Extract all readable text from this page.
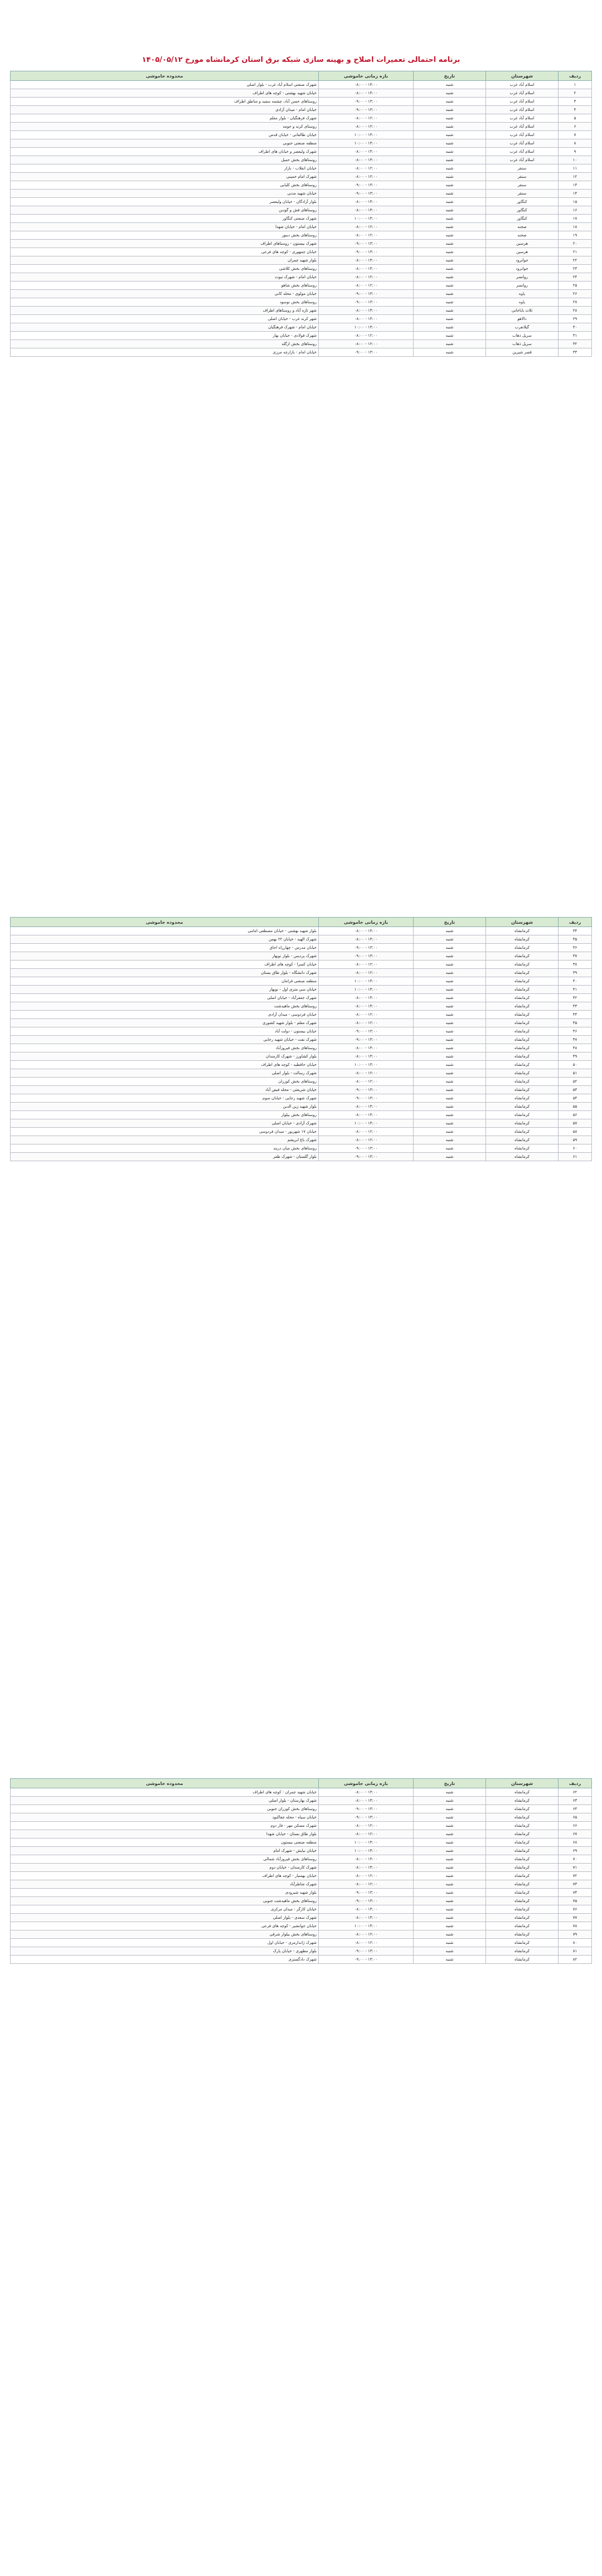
برنامه احتمالی تعمیرات اصلاح و بهینه سازی شبکه برق استان کرمانشاه مورخ ۱۴۰۵/۰۵/۱۲
ردیف	شهرستان	تاریخ	بازه زمانی خاموشی	محدوده خاموشی
۱	اسلام آباد غرب	شنبه	۰۸:۰۰ - ۱۴:۰۰	شهرک صنعتی اسلام آباد غرب - بلوار اصلی
۲	اسلام آباد غرب	شنبه	۰۸:۰۰ - ۱۴:۰۰	خیابان شهید بهشتی - کوچه های اطراف
۳	اسلام آباد غرب	شنبه	۰۹:۰۰ - ۱۳:۰۰	روستاهای حسن آباد، چشمه سفید و مناطق اطراف
۴	اسلام آباد غرب	شنبه	۰۹:۰۰ - ۱۳:۰۰	خیابان امام - میدان آزادی
۵	اسلام آباد غرب	شنبه	۰۸:۰۰ - ۱۲:۰۰	شهرک فرهنگیان - بلوار معلم
۶	اسلام آباد غرب	شنبه	۰۸:۰۰ - ۱۲:۰۰	روستای کرند و حومه
۷	اسلام آباد غرب	شنبه	۱۰:۰۰ - ۱۴:۰۰	خیابان طالقانی - خیابان قدس
۸	اسلام آباد غرب	شنبه	۱۰:۰۰ - ۱۴:۰۰	منطقه صنعتی جنوبی
۹	اسلام آباد غرب	شنبه	۰۸:۰۰ - ۱۴:۰۰	شهرک ولیعصر و خیابان های اطراف
۱۰	اسلام آباد غرب	شنبه	۰۸:۰۰ - ۱۴:۰۰	روستاهای بخش حمیل
۱۱	سنقر	شنبه	۰۸:۰۰ - ۱۲:۰۰	خیابان انقلاب - بازار
۱۲	سنقر	شنبه	۰۸:۰۰ - ۱۲:۰۰	شهرک امام خمینی
۱۳	سنقر	شنبه	۰۹:۰۰ - ۱۳:۰۰	روستاهای بخش کلیایی
۱۴	سنقر	شنبه	۰۹:۰۰ - ۱۳:۰۰	خیابان شهید مدنی
۱۵	کنگاور	شنبه	۰۸:۰۰ - ۱۴:۰۰	بلوار آزادگان - خیابان ولیعصر
۱۶	کنگاور	شنبه	۰۸:۰۰ - ۱۴:۰۰	روستاهای فش و گودین
۱۷	کنگاور	شنبه	۱۰:۰۰ - ۱۴:۰۰	شهرک صنعتی کنگاور
۱۸	صحنه	شنبه	۰۸:۰۰ - ۱۲:۰۰	خیابان امام - خیابان شهدا
۱۹	صحنه	شنبه	۰۸:۰۰ - ۱۲:۰۰	روستاهای بخش دینور
۲۰	هرسین	شنبه	۰۹:۰۰ - ۱۳:۰۰	شهرک بیستون - روستاهای اطراف
۲۱	هرسین	شنبه	۰۹:۰۰ - ۱۳:۰۰	خیابان جمهوری - کوچه های فرعی
۲۲	جوانرود	شنبه	۰۸:۰۰ - ۱۴:۰۰	بلوار شهید چمران
۲۳	جوانرود	شنبه	۰۸:۰۰ - ۱۴:۰۰	روستاهای بخش کلاشی
۲۴	روانسر	شنبه	۰۸:۰۰ - ۱۲:۰۰	خیابان امام - شهرک نبوت
۲۵	روانسر	شنبه	۰۸:۰۰ - ۱۲:۰۰	روستاهای بخش شاهو
۲۶	پاوه	شنبه	۰۹:۰۰ - ۱۳:۰۰	خیابان مولوی - محله کانی
۲۷	پاوه	شنبه	۰۹:۰۰ - ۱۳:۰۰	روستاهای بخش نوسود
۲۸	ثلاث باباجانی	شنبه	۰۸:۰۰ - ۱۴:۰۰	شهر تازه آباد و روستاهای اطراف
۲۹	دالاهو	شنبه	۰۸:۰۰ - ۱۴:۰۰	شهر کرند غرب - خیابان اصلی
۳۰	گیلانغرب	شنبه	۱۰:۰۰ - ۱۴:۰۰	خیابان امام - شهرک فرهنگیان
۳۱	سرپل ذهاب	شنبه	۰۸:۰۰ - ۱۲:۰۰	شهرک فولادی - خیابان بهار
۳۲	سرپل ذهاب	شنبه	۰۸:۰۰ - ۱۲:۰۰	روستاهای بخش ازگله
۳۳	قصر شیرین	شنبه	۰۹:۰۰ - ۱۳:۰۰	خیابان امام - بازارچه مرزی
ردیف	شهرستان	تاریخ	بازه زمانی خاموشی	محدوده خاموشی
۳۴	کرمانشاه	شنبه	۰۸:۰۰ - ۱۴:۰۰	بلوار شهید بهشتی - خیابان مصطفی امامی
۳۵	کرمانشاه	شنبه	۰۸:۰۰ - ۱۴:۰۰	شهرک الهیه - خیابان ۲۲ بهمن
۳۶	کرمانشاه	شنبه	۰۹:۰۰ - ۱۳:۰۰	خیابان مدرس - چهارراه اجاق
۳۷	کرمانشاه	شنبه	۰۹:۰۰ - ۱۳:۰۰	شهرک پردیس - بلوار نوبهار
۳۸	کرمانشاه	شنبه	۰۸:۰۰ - ۱۲:۰۰	خیابان کسرا - کوچه های اطراف
۳۹	کرمانشاه	شنبه	۰۸:۰۰ - ۱۲:۰۰	شهرک دانشگاه - بلوار طاق بستان
۴۰	کرمانشاه	شنبه	۱۰:۰۰ - ۱۴:۰۰	منطقه صنعتی فرامان
۴۱	کرمانشاه	شنبه	۱۰:۰۰ - ۱۴:۰۰	خیابان سی متری اول - نوبهار
۴۲	کرمانشاه	شنبه	۰۸:۰۰ - ۱۴:۰۰	شهرک جعفرآباد - خیابان اصلی
۴۳	کرمانشاه	شنبه	۰۸:۰۰ - ۱۴:۰۰	روستاهای بخش ماهیدشت
۴۴	کرمانشاه	شنبه	۰۸:۰۰ - ۱۲:۰۰	خیابان فردوسی - میدان آزادی
۴۵	کرمانشاه	شنبه	۰۸:۰۰ - ۱۲:۰۰	شهرک معلم - بلوار شهید کشوری
۴۶	کرمانشاه	شنبه	۰۹:۰۰ - ۱۳:۰۰	خیابان بیستون - دولت آباد
۴۷	کرمانشاه	شنبه	۰۹:۰۰ - ۱۳:۰۰	شهرک نفت - خیابان شهید رجایی
۴۸	کرمانشاه	شنبه	۰۸:۰۰ - ۱۴:۰۰	روستاهای بخش فیروزآباد
۴۹	کرمانشاه	شنبه	۰۸:۰۰ - ۱۴:۰۰	بلوار کشاورز - شهرک کارمندان
۵۰	کرمانشاه	شنبه	۱۰:۰۰ - ۱۴:۰۰	خیابان حافظیه - کوچه های اطراف
۵۱	کرمانشاه	شنبه	۰۸:۰۰ - ۱۲:۰۰	شهرک رسالت - بلوار اصلی
۵۲	کرمانشاه	شنبه	۰۸:۰۰ - ۱۲:۰۰	روستاهای بخش کوزران
۵۳	کرمانشاه	شنبه	۰۹:۰۰ - ۱۳:۰۰	خیابان شریعتی - محله فیض آباد
۵۴	کرمانشاه	شنبه	۰۹:۰۰ - ۱۳:۰۰	شهرک شهید رجایی - خیابان سوم
۵۵	کرمانشاه	شنبه	۰۸:۰۰ - ۱۴:۰۰	بلوار شهید زین الدین
۵۶	کرمانشاه	شنبه	۰۸:۰۰ - ۱۴:۰۰	روستاهای بخش بیلوار
۵۷	کرمانشاه	شنبه	۱۰:۰۰ - ۱۴:۰۰	شهرک آزادی - خیابان اصلی
۵۸	کرمانشاه	شنبه	۰۸:۰۰ - ۱۲:۰۰	خیابان ۱۷ شهریور - میدان فردوسی
۵۹	کرمانشاه	شنبه	۰۸:۰۰ - ۱۲:۰۰	شهرک باغ ابریشم
۶۰	کرمانشاه	شنبه	۰۹:۰۰ - ۱۳:۰۰	روستاهای بخش میان دربند
۶۱	کرمانشاه	شنبه	۰۹:۰۰ - ۱۳:۰۰	بلوار گلستان - شهرک ظفر
ردیف	شهرستان	تاریخ	بازه زمانی خاموشی	محدوده خاموشی
۶۲	کرمانشاه	شنبه	۰۸:۰۰ - ۱۴:۰۰	خیابان شهید چمران - کوچه های اطراف
۶۳	کرمانشاه	شنبه	۰۸:۰۰ - ۱۴:۰۰	شهرک بهارستان - بلوار اصلی
۶۴	کرمانشاه	شنبه	۰۹:۰۰ - ۱۳:۰۰	روستاهای بخش کوزران جنوبی
۶۵	کرمانشاه	شنبه	۰۹:۰۰ - ۱۳:۰۰	خیابان سپاه - محله چقاکبود
۶۶	کرمانشاه	شنبه	۰۸:۰۰ - ۱۲:۰۰	شهرک مسکن مهر - فاز دوم
۶۷	کرمانشاه	شنبه	۰۸:۰۰ - ۱۲:۰۰	بلوار طاق بستان - خیابان شهدا
۶۸	کرمانشاه	شنبه	۱۰:۰۰ - ۱۴:۰۰	منطقه صنعتی بیستون
۶۹	کرمانشاه	شنبه	۱۰:۰۰ - ۱۴:۰۰	خیابان نیایش - شهرک امام
۷۰	کرمانشاه	شنبه	۰۸:۰۰ - ۱۴:۰۰	روستاهای بخش فیروزآباد شمالی
۷۱	کرمانشاه	شنبه	۰۸:۰۰ - ۱۴:۰۰	شهرک کارمندان - خیابان دوم
۷۲	کرمانشاه	شنبه	۰۸:۰۰ - ۱۲:۰۰	خیابان بهمنیار - کوچه های اطراف
۷۳	کرمانشاه	شنبه	۰۸:۰۰ - ۱۲:۰۰	شهرک شاطرآباد
۷۴	کرمانشاه	شنبه	۰۹:۰۰ - ۱۳:۰۰	بلوار شهید شیرودی
۷۵	کرمانشاه	شنبه	۰۹:۰۰ - ۱۳:۰۰	روستاهای بخش ماهیدشت جنوبی
۷۶	کرمانشاه	شنبه	۰۸:۰۰ - ۱۴:۰۰	خیابان کارگر - میدان مرکزی
۷۷	کرمانشاه	شنبه	۰۸:۰۰ - ۱۴:۰۰	شهرک سعدی - بلوار اصلی
۷۸	کرمانشاه	شنبه	۱۰:۰۰ - ۱۴:۰۰	خیابان جوانشیر - کوچه های فرعی
۷۹	کرمانشاه	شنبه	۰۸:۰۰ - ۱۲:۰۰	روستاهای بخش بیلوار شرقی
۸۰	کرمانشاه	شنبه	۰۸:۰۰ - ۱۲:۰۰	شهرک ژاندارمری - خیابان اول
۸۱	کرمانشاه	شنبه	۰۹:۰۰ - ۱۳:۰۰	بلوار مطهری - خیابان پارک
۸۲	کرمانشاه	شنبه	۰۹:۰۰ - ۱۳:۰۰	شهرک دادگستری
